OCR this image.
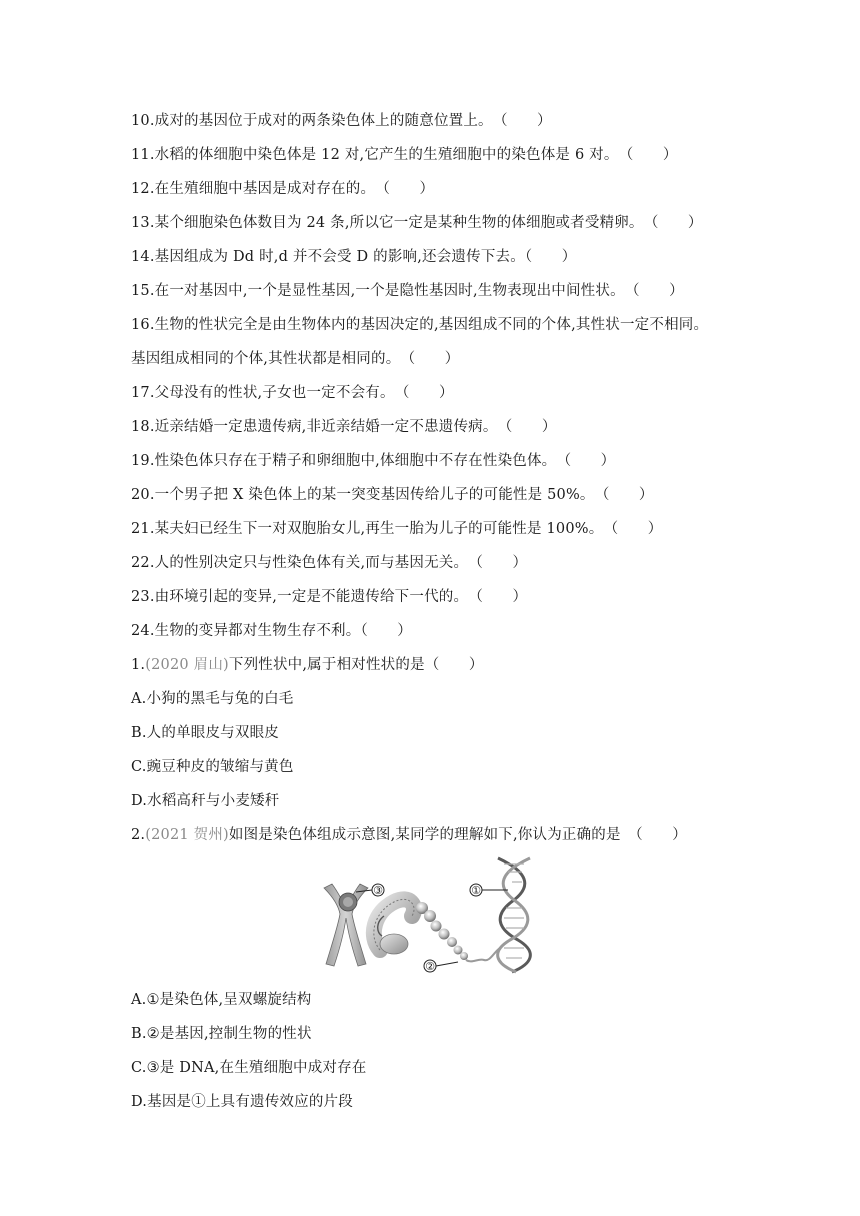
10.成对的基因位于成对的两条染色体上的随意位置上。　（　　）
11.水稻的体细胞中染色体是 12 对,它产生的生殖细胞中的染色体是 6 对。　（　　）
12.在生殖细胞中基因是成对存在的。　（　　）
13.某个细胞染色体数目为 24 条,所以它一定是某种生物的体细胞或者受精卵。　（　　）
14.基因组成为 Dd 时,d 并不会受 D 的影响,还会遗传下去。（　　）
15.在一对基因中,一个是显性基因,一个是隐性基因时,生物表现出中间性状。　（　　）
16.生物的性状完全是由生物体内的基因决定的,基因组成不同的个体,其性状一定不相同。
基因组成相同的个体,其性状都是相同的。　（　　）
17.父母没有的性状,子女也一定不会有。　（　　）
18.近亲结婚一定患遗传病,非近亲结婚一定不患遗传病。　（　　）
19.性染色体只存在于精子和卵细胞中,体细胞中不存在性染色体。　（　　）
20.一个男子把 X 染色体上的某一突变基因传给儿子的可能性是 50%。　（　　）
21.某夫妇已经生下一对双胞胎女儿,再生一胎为儿子的可能性是 100%。　（　　）
22.人的性别决定只与性染色体有关,而与基因无关。　（　　）
23.由环境引起的变异,一定是不能遗传给下一代的。　（　　）
24.生物的变异都对生物生存不利。（　　）
1.(2020 眉山)下列性状中,属于相对性状的是（　　）
A.小狗的黑毛与兔的白毛
B.人的单眼皮与双眼皮
C.豌豆种皮的皱缩与黄色
D.水稻高秆与小麦矮秆
2.(2021 贺州)如图是染色体组成示意图,某同学的理解如下,你认为正确的是　（　　）
③	①
②
A.①是染色体,呈双螺旋结构
B.②是基因,控制生物的性状
C.③是 DNA,在生殖细胞中成对存在
D.基因是①上具有遗传效应的片段
